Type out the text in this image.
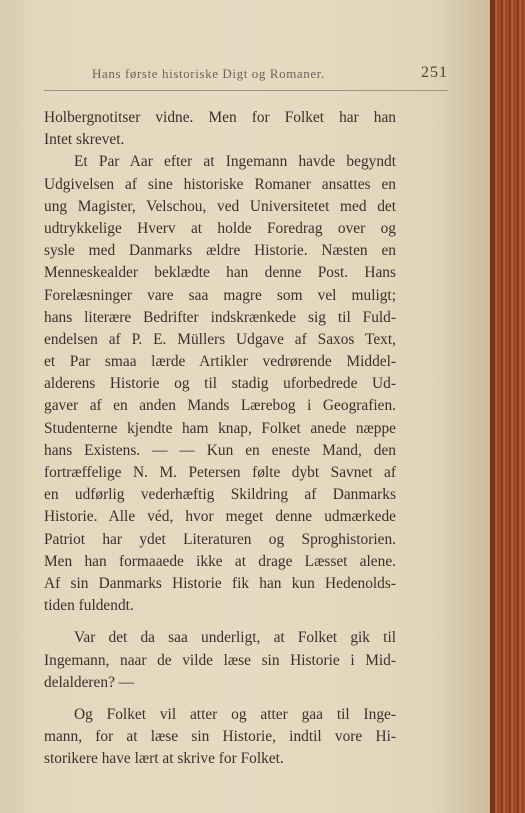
Hans første historiske Digt og Romaner.	251
Holbergnotitser vidne. Men for Folket har han
Intet skrevet.
Et Par Aar efter at Ingemann havde begyndt
Udgivelsen af sine historiske Romaner ansattes en
ung Magister, Velschou, ved Universitetet med det
udtrykkelige Hverv at holde Foredrag over og
sysle med Danmarks ældre Historie. Næsten en
Menneskealder beklædte han denne Post. Hans
Forelæsninger vare saa magre som vel muligt;
hans literære Bedrifter indskrænkede sig til Fuld-
endelsen af P. E. Müllers Udgave af Saxos Text,
et Par smaa lærde Artikler vedrørende Middel-
alderens Historie og til stadig uforbedrede Ud-
gaver af en anden Mands Lærebog i Geografien.
Studenterne kjendte ham knap, Folket anede næppe
hans Existens. — — Kun en eneste Mand, den
fortræffelige N. M. Petersen følte dybt Savnet af
en udførlig vederhæftig Skildring af Danmarks
Historie. Alle véd, hvor meget denne udmærkede
Patriot har ydet Literaturen og Sproghistorien.
Men han formaaede ikke at drage Læsset alene.
Af sin Danmarks Historie fik han kun Hedenolds-
tiden fuldendt.
Var det da saa underligt, at Folket gik til
Ingemann, naar de vilde læse sin Historie i Mid-
delalderen? —
Og Folket vil atter og atter gaa til Inge-
mann, for at læse sin Historie, indtil vore Hi-
storikere have lært at skrive for Folket.
